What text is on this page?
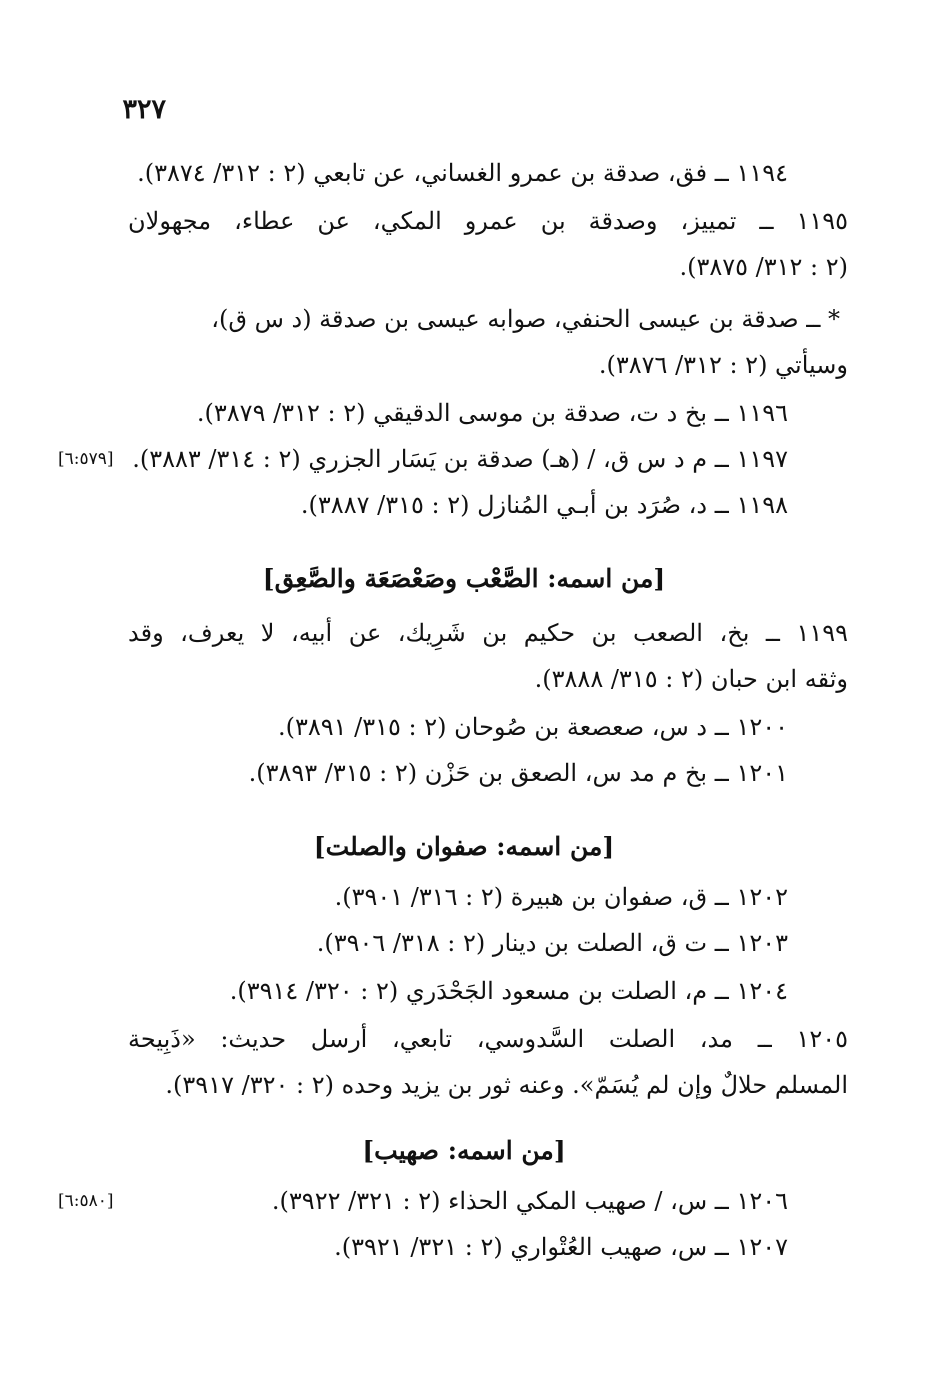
٣٢٧
١١٩٤ ــ فق، صدقة بن عمرو الغساني، عن تابعي (٢ : ٣١٢/ ٣٨٧٤).
١١٩٥ ــ تمييز، وصدقة بن عمرو المكي، عن عطاء، مجهولان
(٢ : ٣١٢/ ٣٨٧٥).
* ــ صدقة بن عيسى الحنفي، صوابه عيسى بن صدقة (د س ق)،
وسيأتي (٢ : ٣١٢/ ٣٨٧٦).
١١٩٦ ــ بخ د ت، صدقة بن موسى الدقيقي (٢ : ٣١٢/ ٣٨٧٩).
١١٩٧ ــ م د س ق، / (هـ) صدقة بن يَسَار الجزري (٢ : ٣١٤/ ٣٨٨٣).
[٦:٥٧٩]
١١٩٨ ــ د، صُرَد بن أبـي المُنازل (٢ : ٣١٥/ ٣٨٨٧).
[من اسمه: الصَّعْب وصَعْصَعَة والصَّعِق]
١١٩٩ ــ بخ، الصعب بن حكيم بن شَرِيك، عن أبيه، لا يعرف، وقد
وثقه ابن حبان (٢ : ٣١٥/ ٣٨٨٨).
١٢٠٠ ــ د س، صعصعة بن صُوحان (٢ : ٣١٥/ ٣٨٩١).
١٢٠١ ــ بخ م مد س، الصعق بن حَزْن (٢ : ٣١٥/ ٣٨٩٣).
[من اسمه: صفوان والصلت]
١٢٠٢ ــ ق، صفوان بن هبيرة (٢ : ٣١٦/ ٣٩٠١).
١٢٠٣ ــ ت ق، الصلت بن دينار (٢ : ٣١٨/ ٣٩٠٦).
١٢٠٤ ــ م، الصلت بن مسعود الجَحْدَري (٢ : ٣٢٠/ ٣٩١٤).
١٢٠٥ ــ مد، الصلت السَّدوسي، تابعي، أرسل حديث: «ذَبِيحة
المسلم حلالٌ وإن لم يُسَمّ». وعنه ثور بن يزيد وحده (٢ : ٣٢٠/ ٣٩١٧).
[من اسمه: صهيب]
١٢٠٦ ــ س، / صهيب المكي الحذاء (٢ : ٣٢١/ ٣٩٢٢).
[٦:٥٨٠]
١٢٠٧ ــ س، صهيب العُتْواري (٢ : ٣٢١/ ٣٩٢١).
